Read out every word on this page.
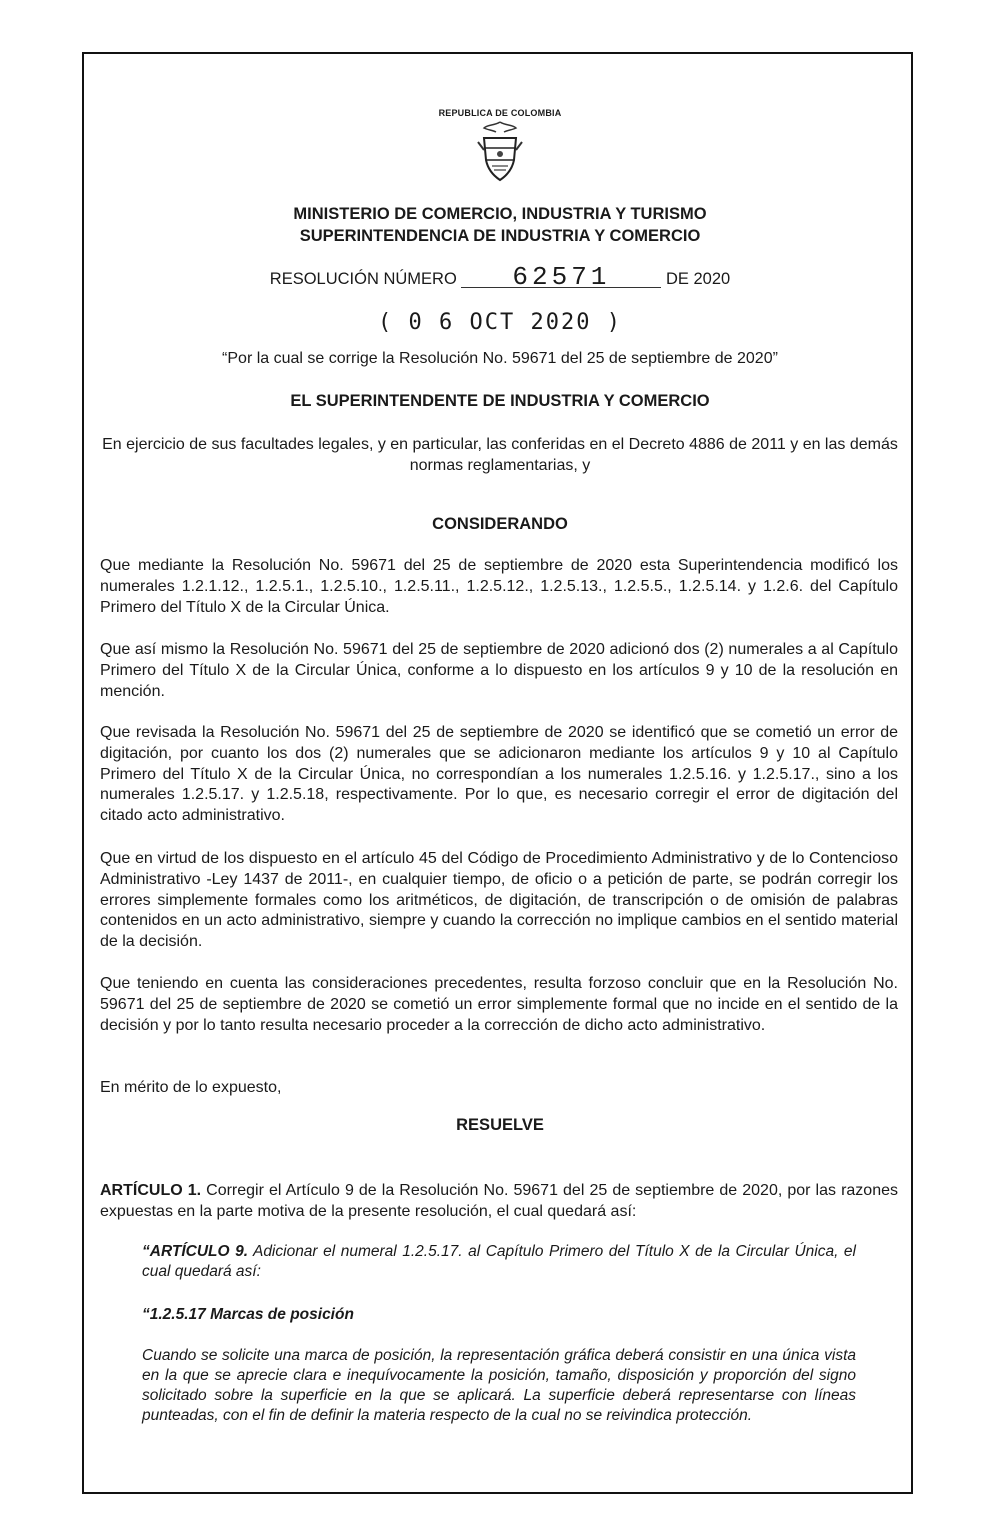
REPUBLICA DE COLOMBIA
MINISTERIO DE COMERCIO, INDUSTRIA Y TURISMO
SUPERINTENDENCIA DE INDUSTRIA Y COMERCIO
RESOLUCIÓN NÚMERO 62571	DE 2020
( 0 6 OCT 2020 )
“Por la cual se corrige la Resolución No. 59671 del 25 de septiembre de 2020”
EL SUPERINTENDENTE DE INDUSTRIA Y COMERCIO
En ejercicio de sus facultades legales, y en particular, las conferidas en el Decreto 4886 de 2011 y en las demás normas reglamentarias, y
CONSIDERANDO
Que mediante la Resolución No. 59671 del 25 de septiembre de 2020 esta Superintendencia modificó los numerales 1.2.1.12., 1.2.5.1., 1.2.5.10., 1.2.5.11., 1.2.5.12., 1.2.5.13., 1.2.5.5., 1.2.5.14. y 1.2.6. del Capítulo Primero del Título X de la Circular Única.
Que así mismo la Resolución No. 59671 del 25 de septiembre de 2020 adicionó dos (2) numerales a al Capítulo Primero del Título X de la Circular Única, conforme a lo dispuesto en los artículos 9 y 10 de la resolución en mención.
Que revisada la Resolución No. 59671 del 25 de septiembre de 2020 se identificó que se cometió un error de digitación, por cuanto los dos (2) numerales que se adicionaron mediante los artículos 9 y 10 al Capítulo Primero del Título X de la Circular Única, no correspondían a los numerales 1.2.5.16. y 1.2.5.17., sino a los numerales 1.2.5.17. y 1.2.5.18, respectivamente. Por lo que, es necesario corregir el error de digitación del citado acto administrativo.
Que en virtud de los dispuesto en el artículo 45 del Código de Procedimiento Administrativo y de lo Contencioso Administrativo -Ley 1437 de 2011-, en cualquier tiempo, de oficio o a petición de parte, se podrán corregir los errores simplemente formales como los aritméticos, de digitación, de transcripción o de omisión de palabras contenidos en un acto administrativo, siempre y cuando la corrección no implique cambios en el sentido material de la decisión.
Que teniendo en cuenta las consideraciones precedentes, resulta forzoso concluir que en la Resolución No. 59671 del 25 de septiembre de 2020 se cometió un error simplemente formal que no incide en el sentido de la decisión y por lo tanto resulta necesario proceder a la corrección de dicho acto administrativo.
En mérito de lo expuesto,
RESUELVE
ARTÍCULO 1. Corregir el Artículo 9 de la Resolución No. 59671 del 25 de septiembre de 2020, por las razones expuestas en la parte motiva de la presente resolución, el cual quedará así:
“ARTÍCULO 9. Adicionar el numeral 1.2.5.17. al Capítulo Primero del Título X de la Circular Única, el cual quedará así:
“1.2.5.17 Marcas de posición
Cuando se solicite una marca de posición, la representación gráfica deberá consistir en una única vista en la que se aprecie clara e inequívocamente la posición, tamaño, disposición y proporción del signo solicitado sobre la superficie en la que se aplicará. La superficie deberá representarse con líneas punteadas, con el fin de definir la materia respecto de la cual no se reivindica protección.
